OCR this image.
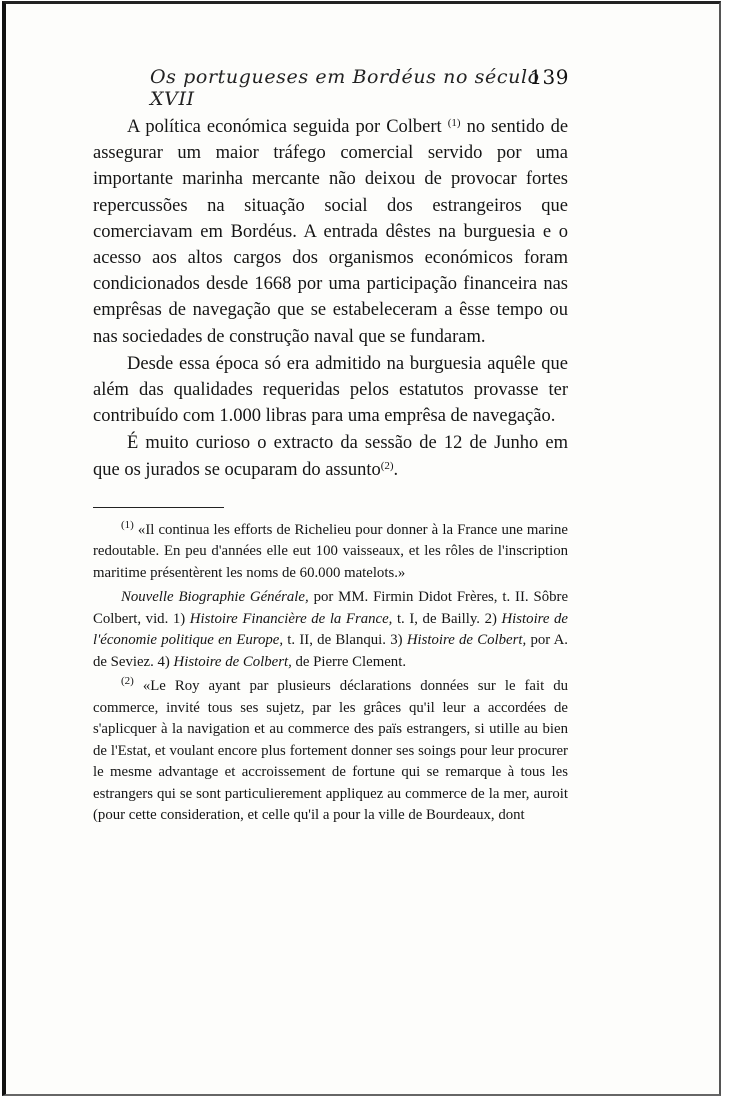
Os portugueses em Bordéus no século XVII
139

A política económica seguida por Colbert $^{(1)}$ no sentido de assegurar um maior tráfego comercial servido por uma importante marinha mercante não deixou de provocar fortes repercussões na situação social dos estrangeiros que comerciavam em Bordéus. A entrada dêstes na burguesia e o acesso aos altos cargos dos organismos económicos foram condicionados desde 1668 por uma participação financeira nas emprêsas de navegação que se estabeleceram a êsse tempo ou nas sociedades de construção naval que se fundaram.

Desde essa época só era admitido na burguesia aquêle que além das qualidades requeridas pelos estatutos provasse ter contribuído com 1.000 libras para uma emprêsa de navegação.

É muito curioso o extracto da sessão de 12 de Junho em que os jurados se ocuparam do assunto$^{(2)}$.

$^{(1)}$ «Il continua les efforts de Richelieu pour donner à la France une marine redoutable. En peu d'années elle eut 100 vaisseaux, et les rôles de l'inscription maritime présentèrent les noms de 60.000 matelots.»

Nouvelle Biographie Générale, por MM. Firmin Didot Frères, t. II. Sôbre Colbert, vid. 1) Histoire Financière de la France, t. I, de Bailly. 2) Histoire de l'économie politique en Europe, t. II, de Blanqui. 3) Histoire de Colbert, por A. de Seviez. 4) Histoire de Colbert, de Pierre Clement.

$^{(2)}$ «Le Roy ayant par plusieurs déclarations données sur le fait du commerce, invité tous ses sujetz, par les grâces qu'il leur a accordées de s'aplicquer à la navigation et au commerce des païs estrangers, si utille au bien de l'Estat, et voulant encore plus fortement donner ses soings pour leur procurer le mesme advantage et accroissement de fortune qui se remarque à tous les estrangers qui se sont particulierement appliquez au commerce de la mer, auroit (pour cette consideration, et celle qu'il a pour la ville de Bourdeaux, dont
